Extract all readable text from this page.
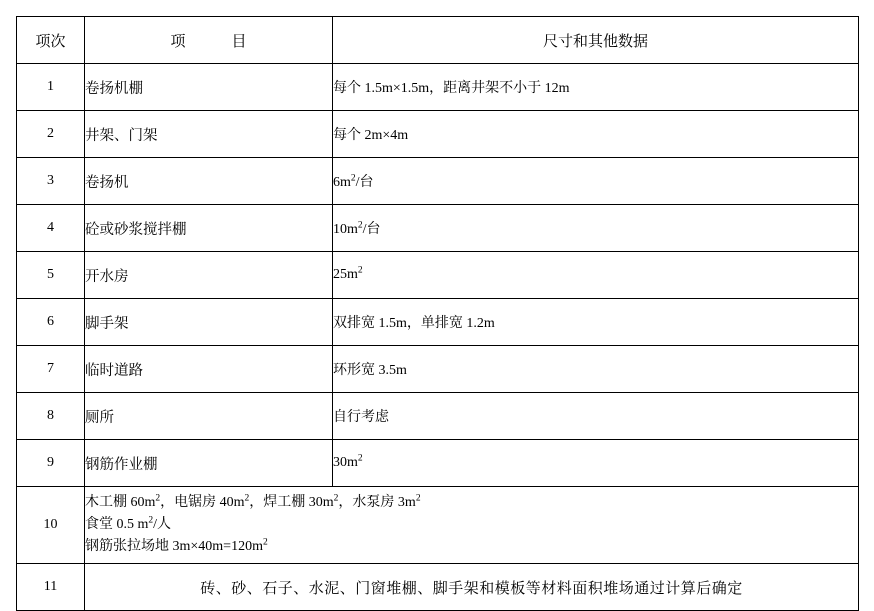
项次	项 目	尺寸和其他数据
1	卷扬机棚	每个 1.5m×1.5m，距离井架不小于 12m
2	井架、门架	每个 2m×4m
3	卷扬机	$6m^2/$台
4	砼或砂浆搅拌棚	$10m^2/$台
5	开水房	$25m^2$
6	脚手架	双排宽 1.5m，单排宽 1.2m
7	临时道路	环形宽 3.5m
8	厕所	自行考虑
9	钢筋作业棚	$30m^2$
10	木工棚 $60m^2$，电锯房 $40m^2$，焊工棚 $30m^2$，水泵房 $3m^2$
食堂 0.5 $m^2/$人
钢筋张拉场地 $3m\times 40m=120m^2$

11	砖、砂、石子、水泥、门窗堆棚、脚手架和模板等材料面积堆场通过计算后确定	
